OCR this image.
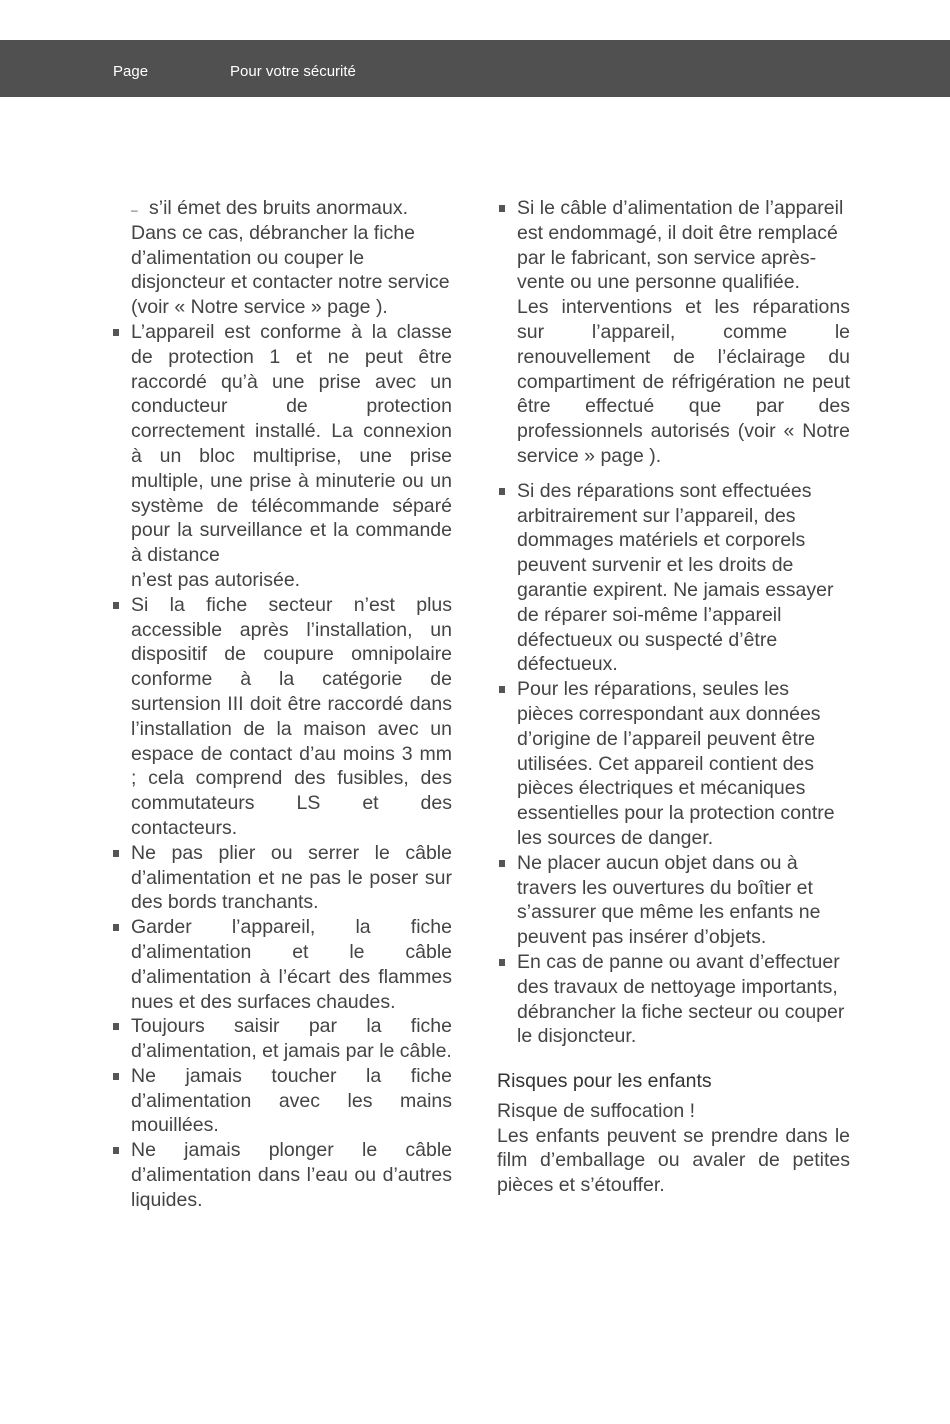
Page	Pour votre sécurité
– s’il émet des bruits anormaux.
Dans ce cas, débrancher la fiche d’alimentation ou couper le disjoncteur et contacter notre service (voir « Notre service » page ).
L’appareil est conforme à la classe de protection 1 et ne peut être raccordé qu’à une prise avec un conducteur de protection correctement installé. La connexion à un bloc multiprise, une prise multiple, une prise à minuterie ou un système de télécommande séparé pour la surveillance et la commande à distance
n’est pas autorisée.
Si la fiche secteur n’est plus accessible après l’installation, un dispositif de coupure omnipolaire conforme à la catégorie de surtension III doit être raccordé dans l’installation de la maison avec un espace de contact d’au moins 3 mm ; cela comprend des fusibles, des commutateurs LS et des contacteurs.
Ne pas plier ou serrer le câble d’alimentation et ne pas le poser sur des bords tranchants.
Garder l’appareil, la fiche d’alimentation et le câble d’alimentation à l’écart des flammes nues et des surfaces chaudes.
Toujours saisir par la fiche d’alimentation, et jamais par le câble.
Ne jamais toucher la fiche d’alimentation avec les mains mouillées.
Ne jamais plonger le câble d’alimentation dans l’eau ou d’autres liquides.
Si le câble d’alimentation de l’appareil est endommagé, il doit être remplacé par le fabricant, son service après-vente ou une personne qualifiée.
Les interventions et les réparations sur l’appareil, comme le renouvellement de l’éclairage du compartiment de réfrigération ne peut être effectué que par des professionnels autorisés (voir « Notre service » page ).
Si des réparations sont effectuées arbitrairement sur l’appareil, des dommages matériels et corporels peuvent survenir et les droits de garantie expirent. Ne jamais essayer de réparer soi-même l’appareil défectueux ou suspecté d’être défectueux.
Pour les réparations, seules les pièces correspondant aux données d’origine de l’appareil peuvent être utilisées. Cet appareil contient des pièces électriques et mécaniques essentielles pour la protection contre les sources de danger.
Ne placer aucun objet dans ou à travers les ouvertures du boîtier et s’assurer que même les enfants ne peuvent pas insérer d’objets.
En cas de panne ou avant d’effectuer des travaux de nettoyage importants, débrancher la fiche secteur ou couper le disjoncteur.
Risques pour les enfants
Risque de suffocation !
Les enfants peuvent se prendre dans le film d’emballage ou avaler de petites pièces et s’étouffer.
